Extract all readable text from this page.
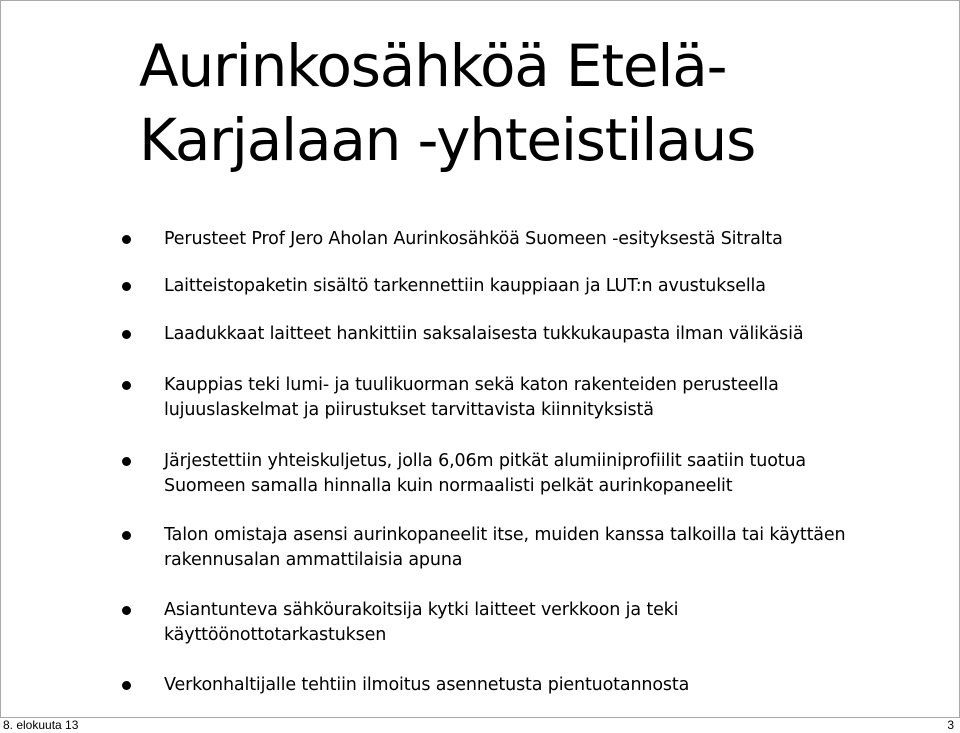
Aurinkosähköä Etelä-Karjalaan -yhteistilaus
Perusteet Prof Jero Aholan Aurinkosähköä Suomeen -esityksestä Sitralta
Laitteistopaketin sisältö tarkennettiin kauppiaan ja LUT:n avustuksella
Laadukkaat laitteet hankittiin saksalaisesta tukkukaupasta ilman välikäsiä
Kauppias teki lumi- ja tuulikuorman sekä katon rakenteiden perusteella lujuuslaskelmat ja piirustukset tarvittavista kiinnityksistä
Järjestettiin yhteiskuljetus, jolla 6,06m pitkät alumiiniprofiilit saatiin tuotua Suomeen samalla hinnalla kuin normaalisti pelkät aurinkopaneelit
Talon omistaja asensi aurinkopaneelit itse, muiden kanssa talkoilla tai käyttäen rakennusalan ammattilaisia apuna
Asiantunteva sähköurakoitsija kytki laitteet verkkoon ja teki käyttöönottotarkastuksen
Verkonhaltijalle tehtiin ilmoitus asennetusta pientuotannosta
8. elokuuta 13	3
